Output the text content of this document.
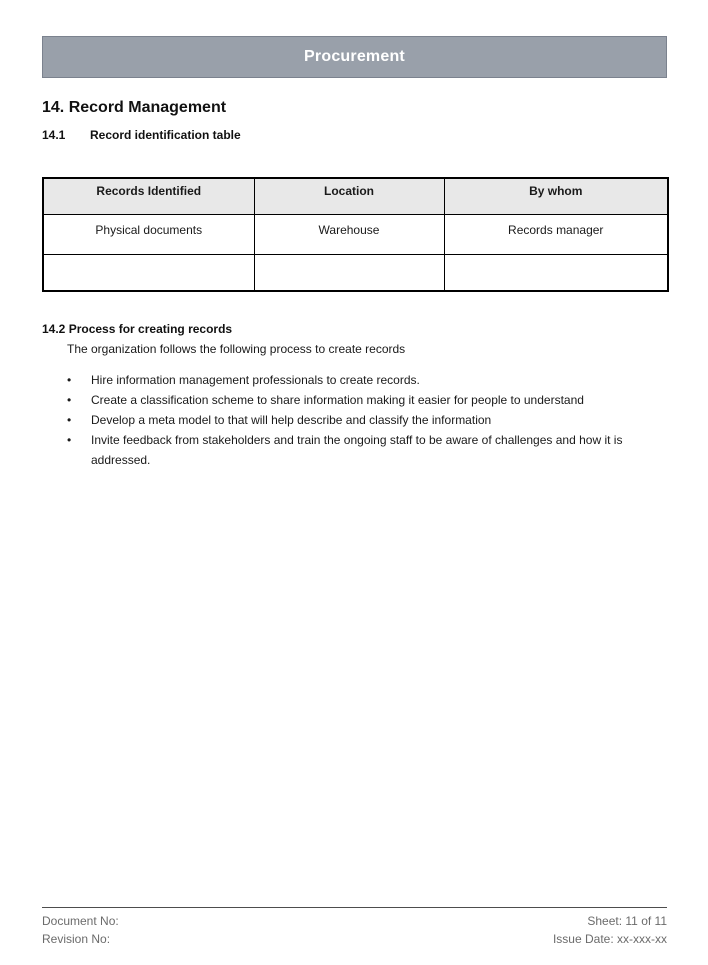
Procurement
14. Record Management
14.1 Record identification table
Records Identified	Location	By whom
Physical documents	Warehouse	Records manager

14.2 Process for creating records
The organization follows the following process to create records
• Hire information management professionals to create records.
• Create a classification scheme to share information making it easier for people to understand
• Develop a meta model to that will help describe and classify the information
• Invite feedback from stakeholders and train the ongoing staff to be aware of challenges and how it is addressed.
Document No:
Revision No:
Sheet: 11 of 11
Issue Date: xx-xxx-xx
